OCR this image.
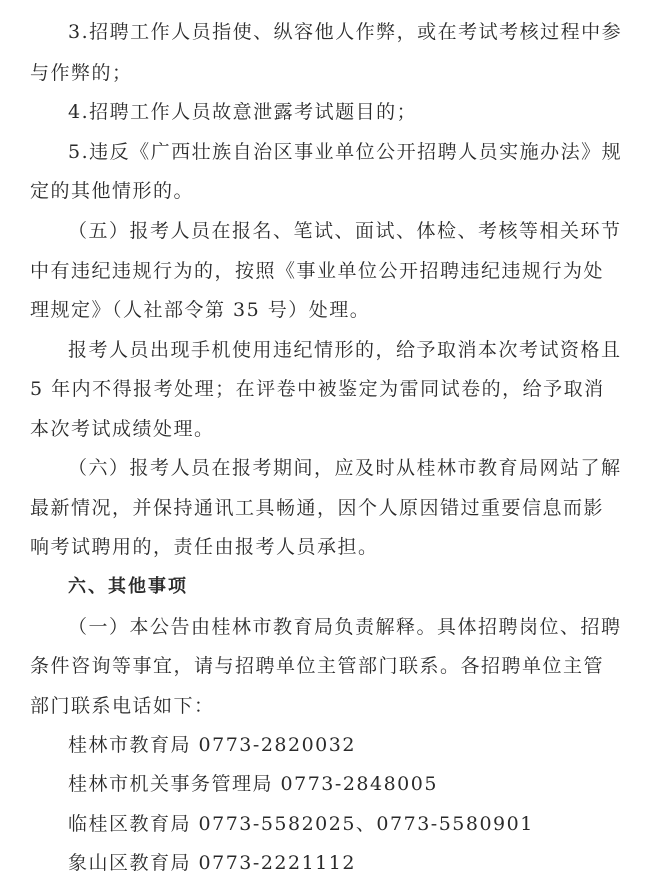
3.招聘工作人员指使、纵容他人作弊，或在考试考核过程中参
与作弊的；
4.招聘工作人员故意泄露考试题目的；
5.违反《广西壮族自治区事业单位公开招聘人员实施办法》规
定的其他情形的。
（五）报考人员在报名、笔试、面试、体检、考核等相关环节
中有违纪违规行为的，按照《事业单位公开招聘违纪违规行为处
理规定》（人社部令第 35 号）处理。
报考人员出现手机使用违纪情形的，给予取消本次考试资格且
5 年内不得报考处理；在评卷中被鉴定为雷同试卷的，给予取消
本次考试成绩处理。
（六）报考人员在报考期间，应及时从桂林市教育局网站了解
最新情况，并保持通讯工具畅通，因个人原因错过重要信息而影
响考试聘用的，责任由报考人员承担。
六、其他事项
（一）本公告由桂林市教育局负责解释。具体招聘岗位、招聘
条件咨询等事宜，请与招聘单位主管部门联系。各招聘单位主管
部门联系电话如下：
桂林市教育局 0773-2820032
桂林市机关事务管理局 0773-2848005
临桂区教育局 0773-5582025、0773-5580901
象山区教育局 0773-2221112
